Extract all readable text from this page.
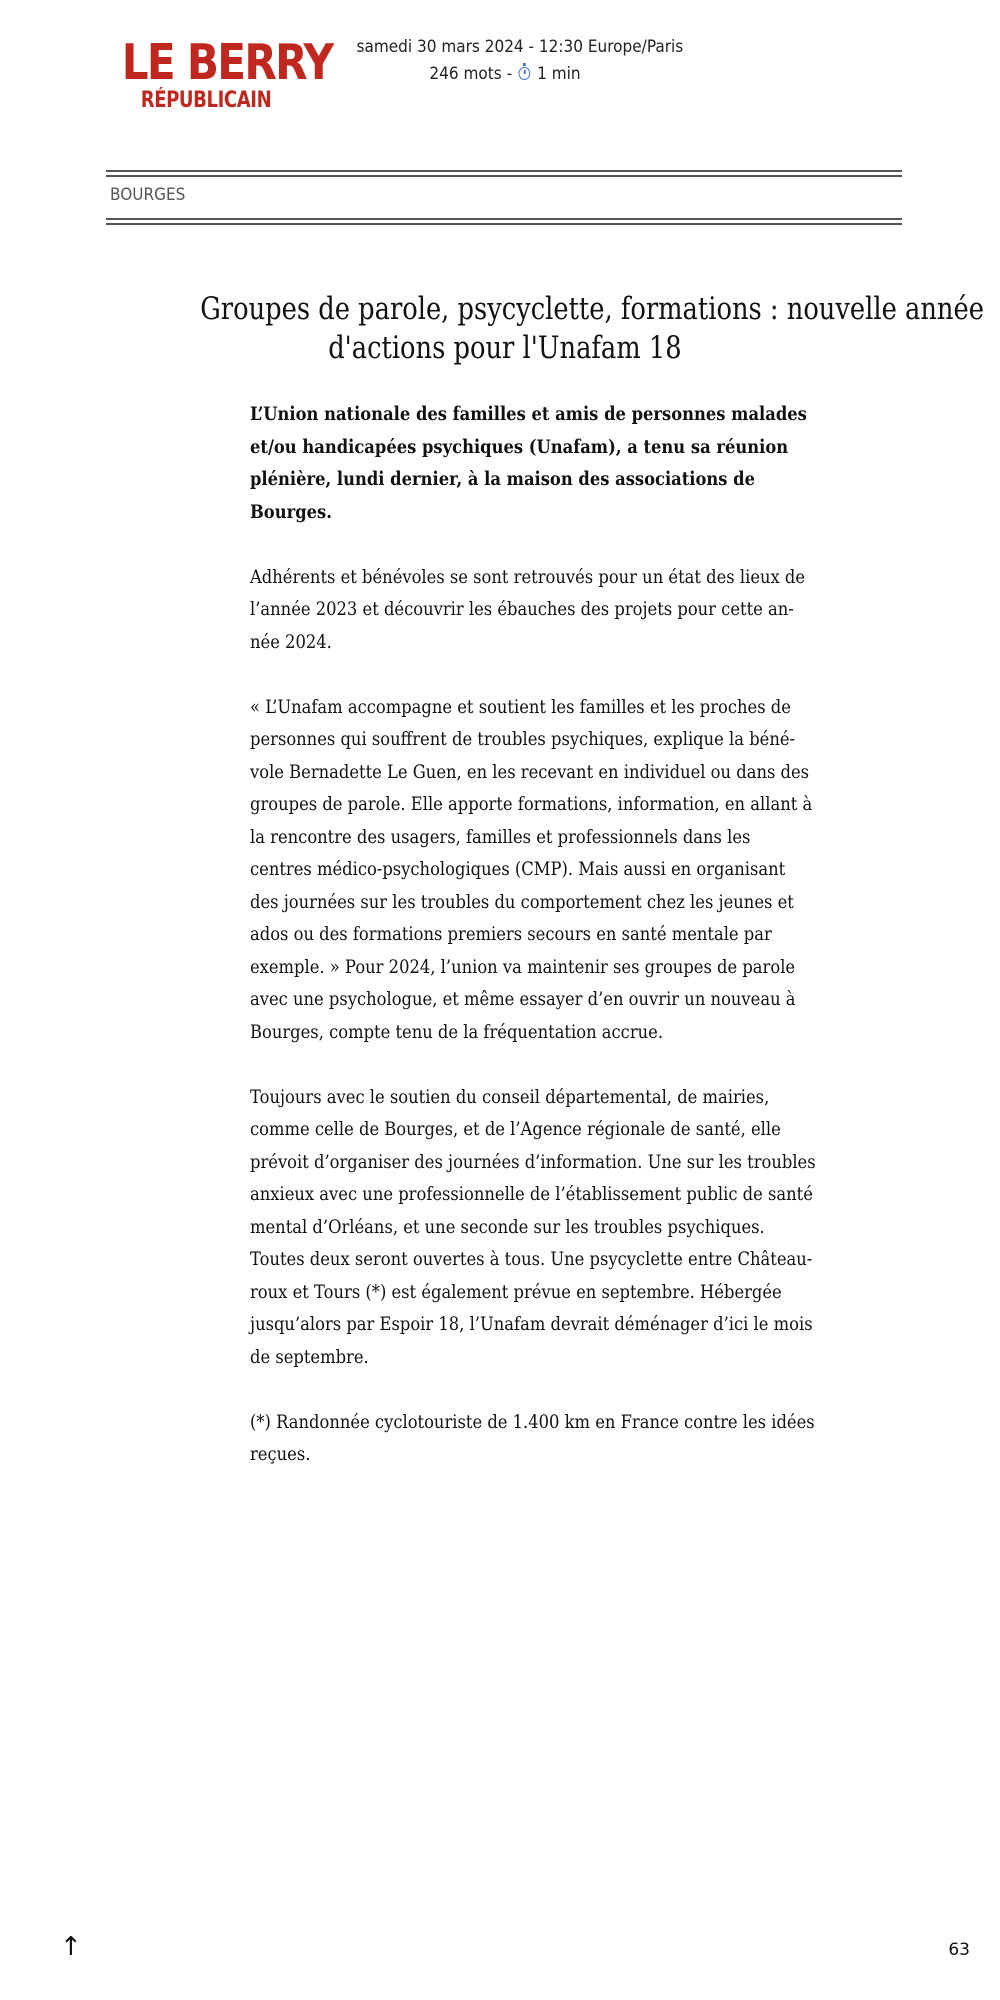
LE BERRY
RÉPUBLICAIN
samedi 30 mars 2024 - 12:30 Europe/Paris
246 mots -  1 min
BOURGES
Groupes de parole, psycyclette, formations : nouvelle année
d'actions pour l'Unafam 18

L’Union nationale des familles et amis de personnes malades
et/ou handicapées psychiques (Unafam), a tenu sa réunion
plénière, lundi dernier, à la maison des associations de
Bourges.

Adhérents et bénévoles se sont retrouvés pour un état des lieux de
l’année 2023 et découvrir les ébauches des projets pour cette an-
née 2024.

« L’Unafam accompagne et soutient les familles et les proches de
personnes qui souffrent de troubles psychiques, explique la béné-
vole Bernadette Le Guen, en les recevant en individuel ou dans des
groupes de parole. Elle apporte formations, information, en allant à
la rencontre des usagers, familles et professionnels dans les
centres médico-psychologiques (CMP). Mais aussi en organisant
des journées sur les troubles du comportement chez les jeunes et
ados ou des formations premiers secours en santé mentale par
exemple. » Pour 2024, l’union va maintenir ses groupes de parole
avec une psychologue, et même essayer d’en ouvrir un nouveau à
Bourges, compte tenu de la fréquentation accrue.

Toujours avec le soutien du conseil départemental, de mairies,
comme celle de Bourges, et de l’Agence régionale de santé, elle
prévoit d’organiser des journées d’information. Une sur les troubles
anxieux avec une professionnelle de l’établissement public de santé
mental d’Orléans, et une seconde sur les troubles psychiques.
Toutes deux seront ouvertes à tous. Une psycyclette entre Château-
roux et Tours (*) est également prévue en septembre. Hébergée
jusqu’alors par Espoir 18, l’Unafam devrait déménager d’ici le mois
de septembre.

(*) Randonnée cyclotouriste de 1.400 km en France contre les idées
reçues.

↑	63
